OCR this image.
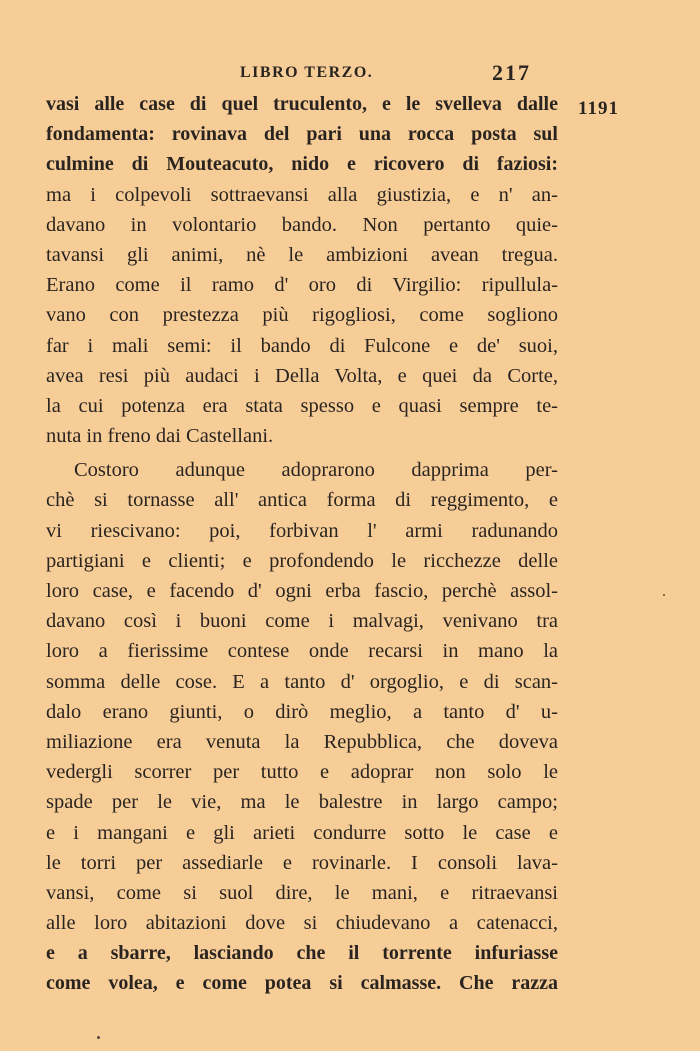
LIBRO TERZO.	217
1191
vasi alle case di quel truculento, e le svelleva dalle
fondamenta: rovinava del pari una rocca posta sul
culmine di Mouteacuto, nido e ricovero di faziosi:
ma i colpevoli sottraevansi alla giustizia, e n' an-
davano in volontario bando. Non pertanto quie-
tavansi gli animi, nè le ambizioni avean tregua.
Erano come il ramo d' oro di Virgilio: ripullula-
vano con prestezza più rigogliosi, come sogliono
far i mali semi: il bando di Fulcone e de' suoi,
avea resi più audaci i Della Volta, e quei da Corte,
la cui potenza era stata spesso e quasi sempre te-
nuta in freno dai Castellani.
Costoro adunque adoprarono dapprima per-
chè si tornasse all' antica forma di reggimento, e
vi riescivano: poi, forbivan l' armi radunando
partigiani e clienti; e profondendo le ricchezze delle
loro case, e facendo d' ogni erba fascio, perchè assol-
davano così i buoni come i malvagi, venivano tra
loro a fierissime contese onde recarsi in mano la
somma delle cose. E a tanto d' orgoglio, e di scan-
dalo erano giunti, o dirò meglio, a tanto d' u-
miliazione era venuta la Repubblica, che doveva
vedergli scorrer per tutto e adoprar non solo le
spade per le vie, ma le balestre in largo campo;
e i mangani e gli arieti condurre sotto le case e
le torri per assediarle e rovinarle. I consoli lava-
vansi, come si suol dire, le mani, e ritraevansi
alle loro abitazioni dove si chiudevano a catenacci,
e a sbarre, lasciando che il torrente infuriasse
come volea, e come potea si calmasse. Che razza
